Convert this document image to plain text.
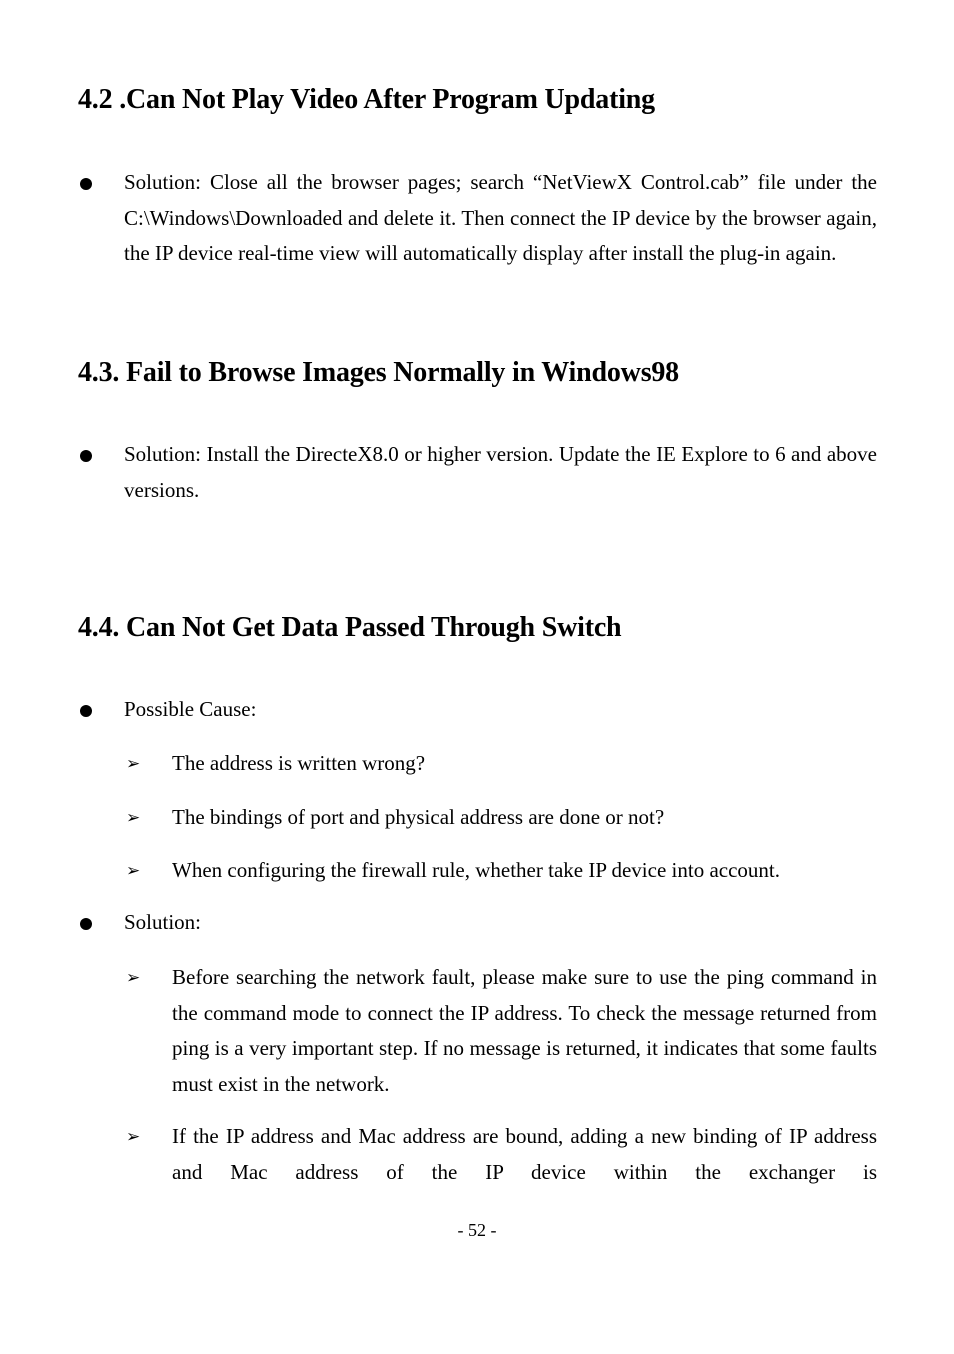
4.2 .Can Not Play Video After Program Updating

Solution: Close all the browser pages; search “NetViewX Control.cab” file under the C:\Windows\Downloaded and delete it. Then connect the IP device by the browser again, the IP device real-time view will automatically display after install the plug-in again.

4.3. Fail to Browse Images Normally in Windows98

Solution: Install the DirecteX8.0 or higher version. Update the IE Explore to 6 and above versions.

4.4. Can Not Get Data Passed Through Switch

Possible Cause:

➢ The address is written wrong?

➢ The bindings of port and physical address are done or not?

➢ When configuring the firewall rule, whether take IP device into account.

Solution:

➢ Before searching the network fault, please make sure to use the ping command in the command mode to connect the IP address. To check the message returned from ping is a very important step. If no message is returned, it indicates that some faults must exist in the network.

➢ If the IP address and Mac address are bound, adding a new binding of IP address and Mac address of the IP device within the exchanger is

- 52 -
